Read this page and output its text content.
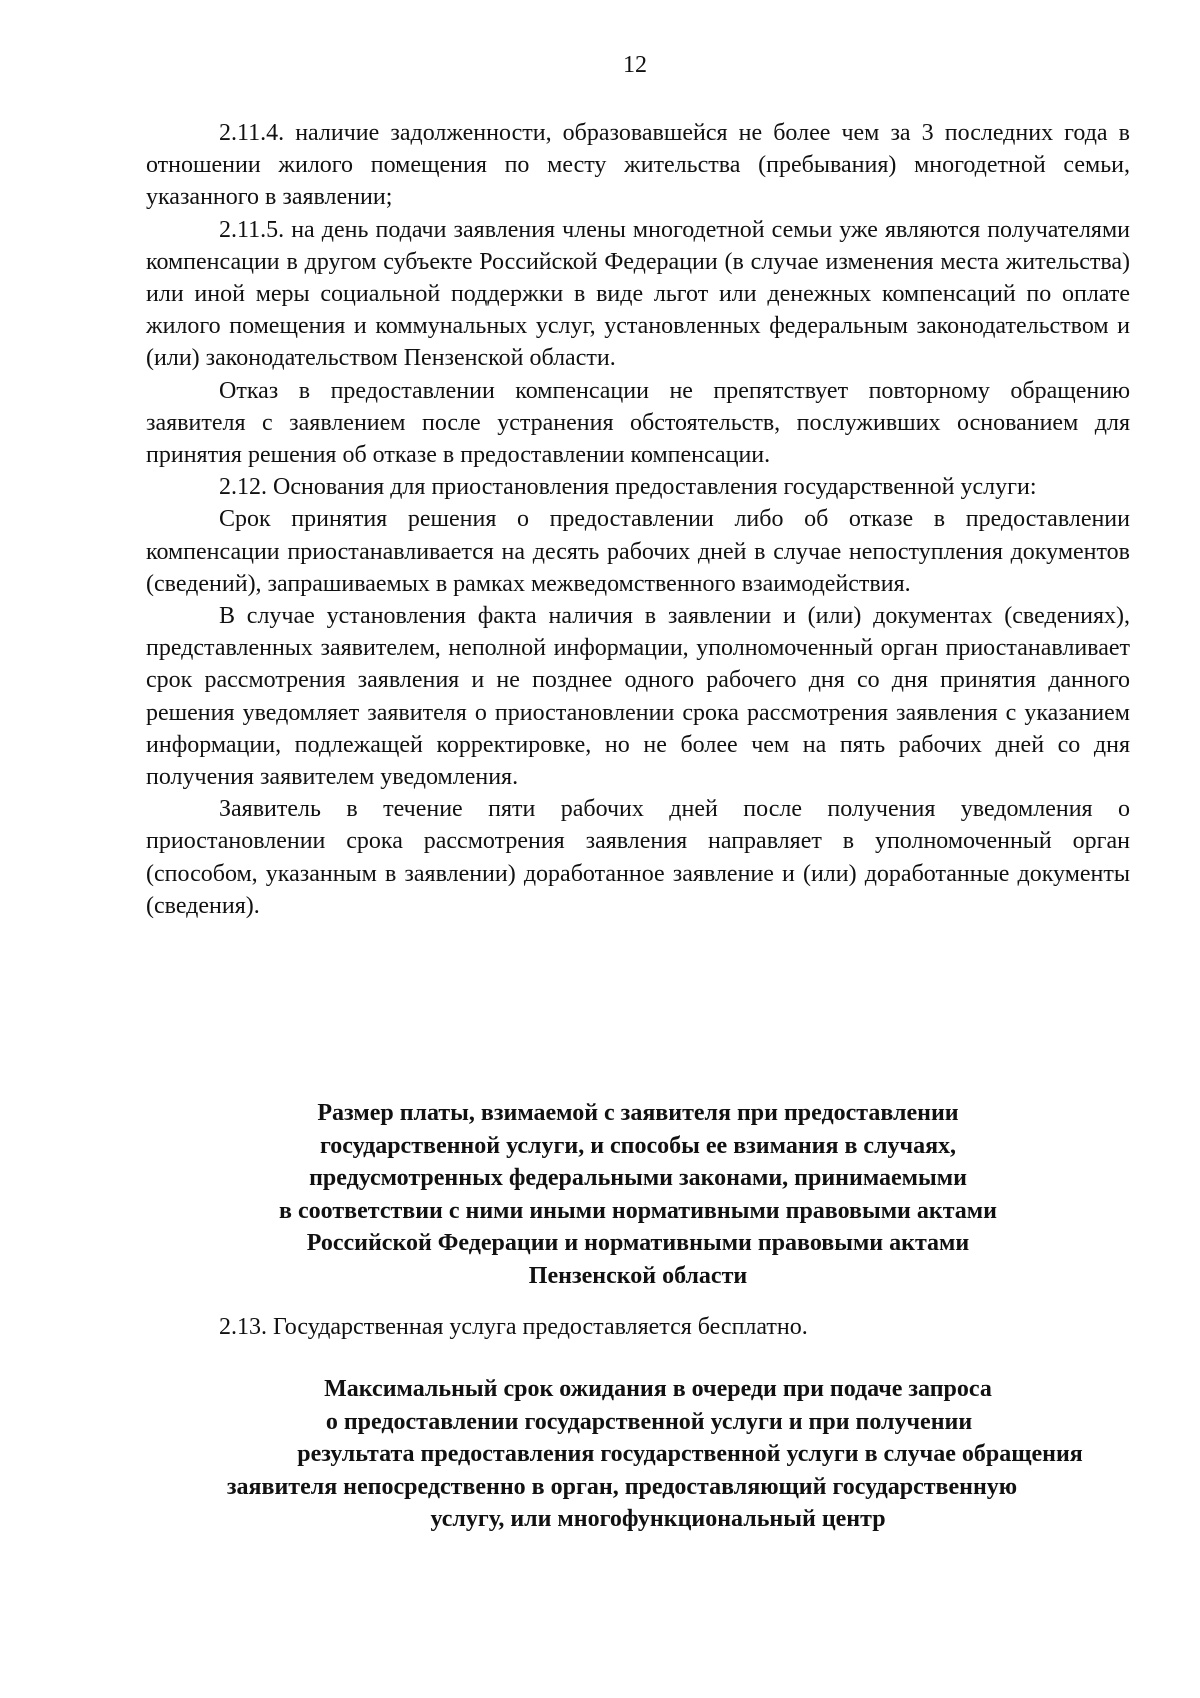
12

2.11.4. наличие задолженности, образовавшейся не более чем за 3 последних года в отношении жилого помещения по месту жительства (пребывания) многодетной семьи, указанного в заявлении;

2.11.5. на день подачи заявления члены многодетной семьи уже являются получателями компенсации в другом субъекте Российской Федерации (в случае изменения места жительства) или иной меры социальной поддержки в виде льгот или денежных компенсаций по оплате жилого помещения и коммунальных услуг, установленных федеральным законодательством и (или) законодательством Пензенской области.

Отказ в предоставлении компенсации не препятствует повторному обращению заявителя с заявлением после устранения обстоятельств, послуживших основанием для принятия решения об отказе в предоставлении компенсации.

2.12. Основания для приостановления предоставления государственной услуги:

Срок принятия решения о предоставлении либо об отказе в предоставлении компенсации приостанавливается на десять рабочих дней в случае непоступления документов (сведений), запрашиваемых в рамках межведомственного взаимодействия.

В случае установления факта наличия в заявлении и (или) документах (сведениях), представленных заявителем, неполной информации, уполномоченный орган приостанавливает срок рассмотрения заявления и не позднее одного рабочего дня со дня принятия данного решения уведомляет заявителя о приостановлении срока рассмотрения заявления с указанием информации, подлежащей корректировке, но не более чем на пять рабочих дней со дня получения заявителем уведомления.

Заявитель в течение пяти рабочих дней после получения уведомления о приостановлении срока рассмотрения заявления направляет в уполномоченный орган (способом, указанным в заявлении) доработанное заявление и (или) доработанные документы (сведения).

Размер платы, взимаемой с заявителя при предоставлении
государственной услуги, и способы ее взимания в случаях,
предусмотренных федеральными законами, принимаемыми
в соответствии с ними иными нормативными правовыми актами
Российской Федерации и нормативными правовыми актами
Пензенской области

2.13. Государственная услуга предоставляется бесплатно.

Максимальный срок ожидания в очереди при подаче запроса
о предоставлении государственной услуги и при получении
результата предоставления государственной услуги в случае обращения
заявителя непосредственно в орган, предоставляющий государственную
услугу, или многофункциональный центр
